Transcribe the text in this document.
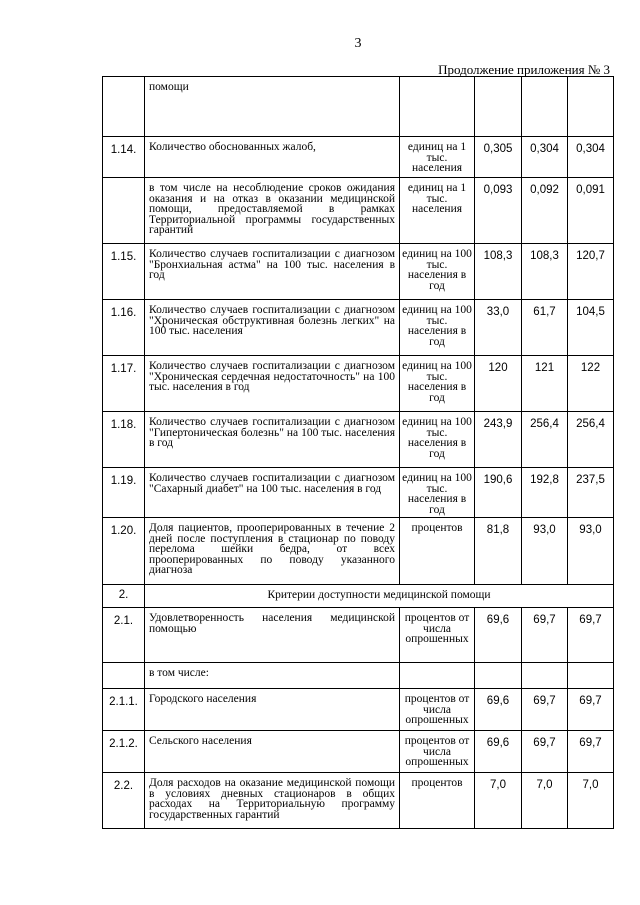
3
Продолжение приложения № 3
	помощи				
1.14.	Количество обоснованных жалоб,	единиц на 1 тыс. населения	0,305	0,304	0,304
	в том числе на несоблюдение сроков ожидания оказания и на отказ в оказании медицинской помощи, предоставляемой в рамках Территориальной программы государственных гарантий	единиц на 1 тыс. населения	0,093	0,092	0,091
1.15.	Количество случаев госпитализации с диагнозом "Бронхиальная астма" на 100 тыс. населения в год	единиц на 100 тыс. населения в год	108,3	108,3	120,7
1.16.	Количество случаев госпитализации с диагнозом "Хроническая обструктивная болезнь легких" на 100 тыс. населения	единиц на 100 тыс. населения в год	33,0	61,7	104,5
1.17.	Количество случаев госпитализации с диагнозом "Хроническая сердечная недостаточность" на 100 тыс. населения в год	единиц на 100 тыс. населения в год	120	121	122
1.18.	Количество случаев госпитализации с диагнозом "Гипертоническая болезнь" на 100 тыс. населения в год	единиц на 100 тыс. населения в год	243,9	256,4	256,4
1.19.	Количество случаев госпитализации с диагнозом "Сахарный диабет" на 100 тыс. населения в год	единиц на 100 тыс. населения в год	190,6	192,8	237,5
1.20.	Доля пациентов, прооперированных в течение 2 дней после поступления в стационар по поводу перелома шейки бедра, от всех прооперированных по поводу указанного диагноза	процентов	81,8	93,0	93,0
2.	Критерии доступности медицинской помощи				
2.1.	Удовлетворенность населения медицинской помощью	процентов от числа опрошенных	69,6	69,7	69,7
	в том числе:				
2.1.1.	Городского населения	процентов от числа опрошенных	69,6	69,7	69,7
2.1.2.	Сельского населения	процентов от числа опрошенных	69,6	69,7	69,7
2.2.	Доля расходов на оказание медицинской помощи в условиях дневных стационаров в общих расходах на Территориальную программу государственных гарантий	процентов	7,0	7,0	7,0
